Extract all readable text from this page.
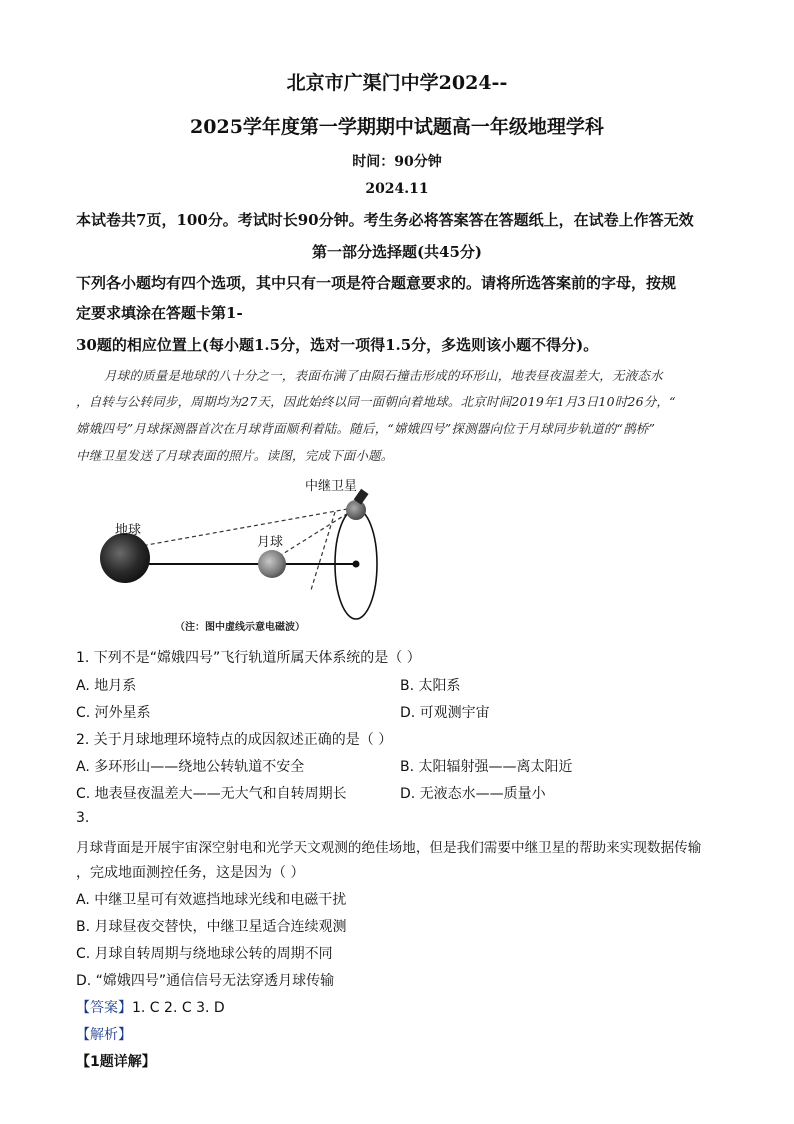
北京市广渠门中学2024--
2025学年度第一学期期中试题高一年级地理学科
时间：90分钟
2024.11
本试卷共7页，100分。考试时长90分钟。考生务必将答案答在答题纸上，在试卷上作答无效
第一部分选择题(共45分)
下列各小题均有四个选项，其中只有一项是符合题意要求的。请将所选答案前的字母，按规
定要求填涂在答题卡第1-
30题的相应位置上(每小题1.5分，选对一项得1.5分，多选则该小题不得分)。
月球的质量是地球的八十分之一，表面布满了由陨石撞击形成的环形山，地表昼夜温差大，无液态水
，自转与公转同步，周期均为27天，因此始终以同一面朝向着地球。北京时间2019年1月3日10时26分，“
嫦娥四号”月球探测器首次在月球背面顺利着陆。随后，“嫦娥四号”探测器向位于月球同步轨道的“鹊桥”
中继卫星发送了月球表面的照片。读图，完成下面小题。
地球
月球
中继卫星
（注：图中虚线示意电磁波）
1. 下列不是“嫦娥四号”飞行轨道所属天体系统的是（ ）
A. 地月系	B. 太阳系
C. 河外星系	D. 可观测宇宙
2. 关于月球地理环境特点的成因叙述正确的是（ ）
A. 多环形山——绕地公转轨道不安全	B. 太阳辐射强——离太阳近
C. 地表昼夜温差大——无大气和自转周期长	D. 无液态水——质量小
3.
月球背面是开展宇宙深空射电和光学天文观测的绝佳场地，但是我们需要中继卫星的帮助来实现数据传输
，完成地面测控任务，这是因为（ ）
A. 中继卫星可有效遮挡地球光线和电磁干扰
B. 月球昼夜交替快，中继卫星适合连续观测
C. 月球自转周期与绕地球公转的周期不同
D. “嫦娥四号”通信信号无法穿透月球传输
【答案】1. C 2. C 3. D
【解析】
【1题详解】
